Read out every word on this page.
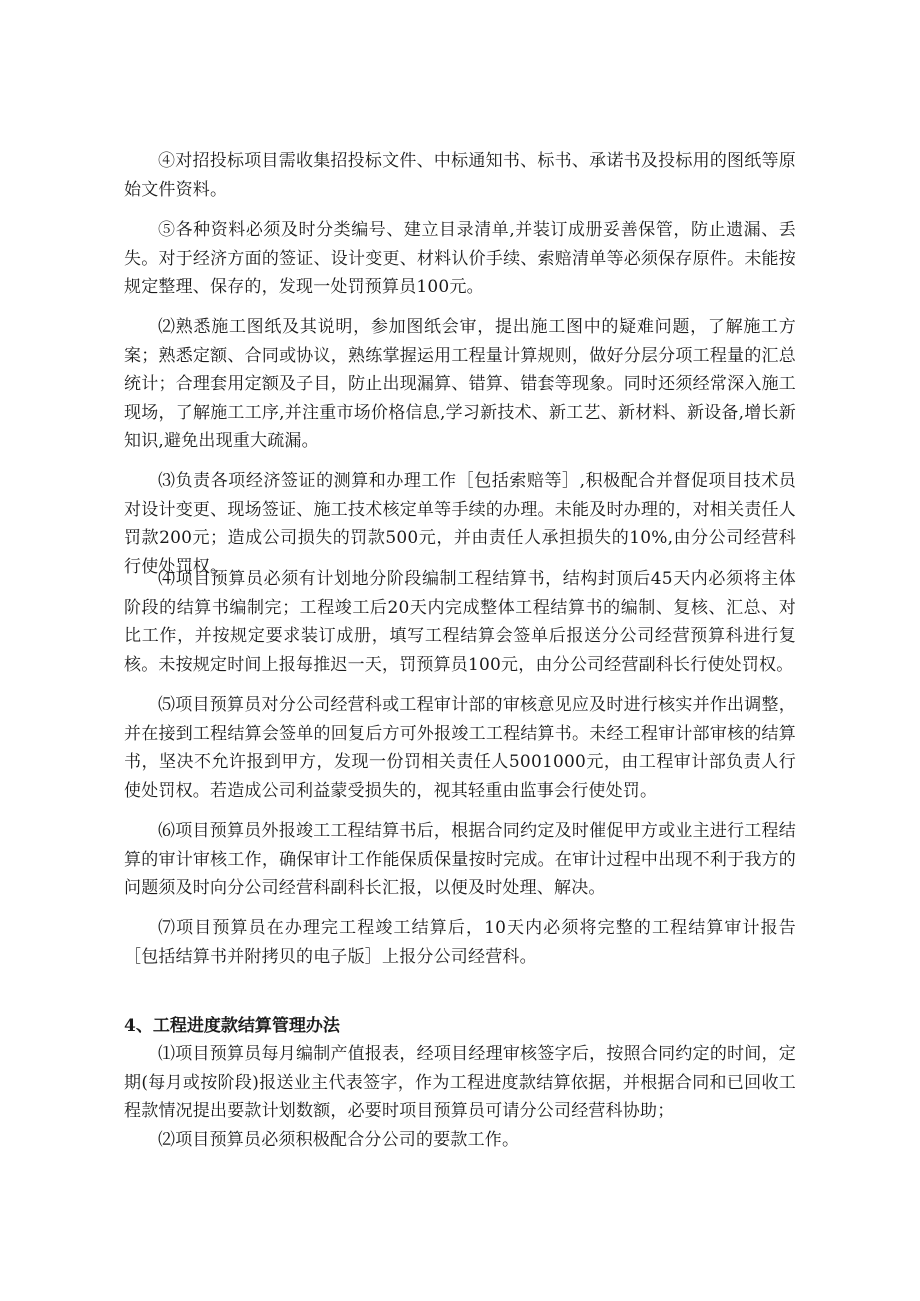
④对招投标项目需收集招投标文件、中标通知书、标书、承诺书及投标用的图纸等原始文件资料。

⑤各种资料必须及时分类编号、建立目录清单,并装订成册妥善保管，防止遗漏、丢失。对于经济方面的签证、设计变更、材料认价手续、索赔清单等必须保存原件。未能按规定整理、保存的，发现一处罚预算员100元。

⑵熟悉施工图纸及其说明，参加图纸会审，提出施工图中的疑难问题，了解施工方案；熟悉定额、合同或协议，熟练掌握运用工程量计算规则，做好分层分项工程量的汇总统计；合理套用定额及子目，防止出现漏算、错算、错套等现象。同时还须经常深入施工现场，了解施工工序,并注重市场价格信息,学习新技术、新工艺、新材料、新设备,增长新知识,避免出现重大疏漏。

⑶负责各项经济签证的测算和办理工作［包括索赔等］,积极配合并督促项目技术员对设计变更、现场签证、施工技术核定单等手续的办理。未能及时办理的，对相关责任人罚款200元；造成公司损失的罚款500元，并由责任人承担损失的10%,由分公司经营科行使处罚权。

⑷项目预算员必须有计划地分阶段编制工程结算书，结构封顶后45天内必须将主体阶段的结算书编制完；工程竣工后20天内完成整体工程结算书的编制、复核、汇总、对比工作，并按规定要求装订成册，填写工程结算会签单后报送分公司经营预算科进行复核。未按规定时间上报每推迟一天，罚预算员100元，由分公司经营副科长行使处罚权。

⑸项目预算员对分公司经营科或工程审计部的审核意见应及时进行核实并作出调整，并在接到工程结算会签单的回复后方可外报竣工工程结算书。未经工程审计部审核的结算书，坚决不允许报到甲方，发现一份罚相关责任人5001000元，由工程审计部负责人行使处罚权。若造成公司利益蒙受损失的，视其轻重由监事会行使处罚。

⑹项目预算员外报竣工工程结算书后，根据合同约定及时催促甲方或业主进行工程结算的审计审核工作，确保审计工作能保质保量按时完成。在审计过程中出现不利于我方的问题须及时向分公司经营科副科长汇报，以便及时处理、解决。

⑺项目预算员在办理完工程竣工结算后，10天内必须将完整的工程结算审计报告［包括结算书并附拷贝的电子版］上报分公司经营科。

4、工程进度款结算管理办法

⑴项目预算员每月编制产值报表，经项目经理审核签字后，按照合同约定的时间，定期(每月或按阶段)报送业主代表签字，作为工程进度款结算依据，并根据合同和已回收工程款情况提出要款计划数额，必要时项目预算员可请分公司经营科协助；

⑵项目预算员必须积极配合分公司的要款工作。
